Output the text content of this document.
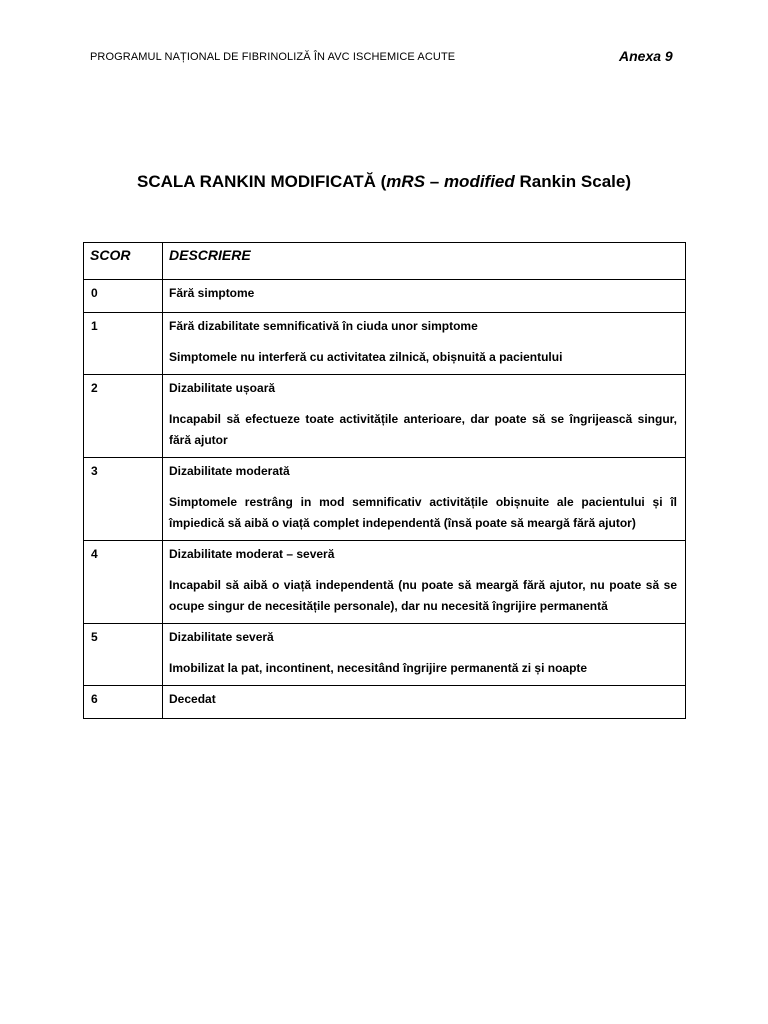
PROGRAMUL NAȚIONAL DE FIBRINOLIZĂ ÎN AVC ISCHEMICE ACUTE	Anexa 9
SCALA RANKIN MODIFICATĂ (mRS – modified Rankin Scale)
SCOR	DESCRIERE
0	Fără simptome

1	Fără dizabilitate semnificativă în ciuda unor simptome
Simptomele nu interferă cu activitatea zilnică, obișnuită a pacientului

2	Dizabilitate ușoară
Incapabil să efectueze toate activitățile anterioare, dar poate să se îngrijească singur, fără ajutor

3	Dizabilitate moderată
Simptomele restrâng in mod semnificativ activitățile obișnuite ale pacientului și îl împiedică să aibă o viață complet independentă (însă poate să meargă fără ajutor)

4	Dizabilitate moderat – severă
Incapabil să aibă o viață independentă (nu poate să meargă fără ajutor, nu poate să se ocupe singur de necesitățile personale), dar nu necesită îngrijire permanentă

5	Dizabilitate severă
Imobilizat la pat, incontinent, necesitând îngrijire permanentă zi și noapte

6	Decedat
